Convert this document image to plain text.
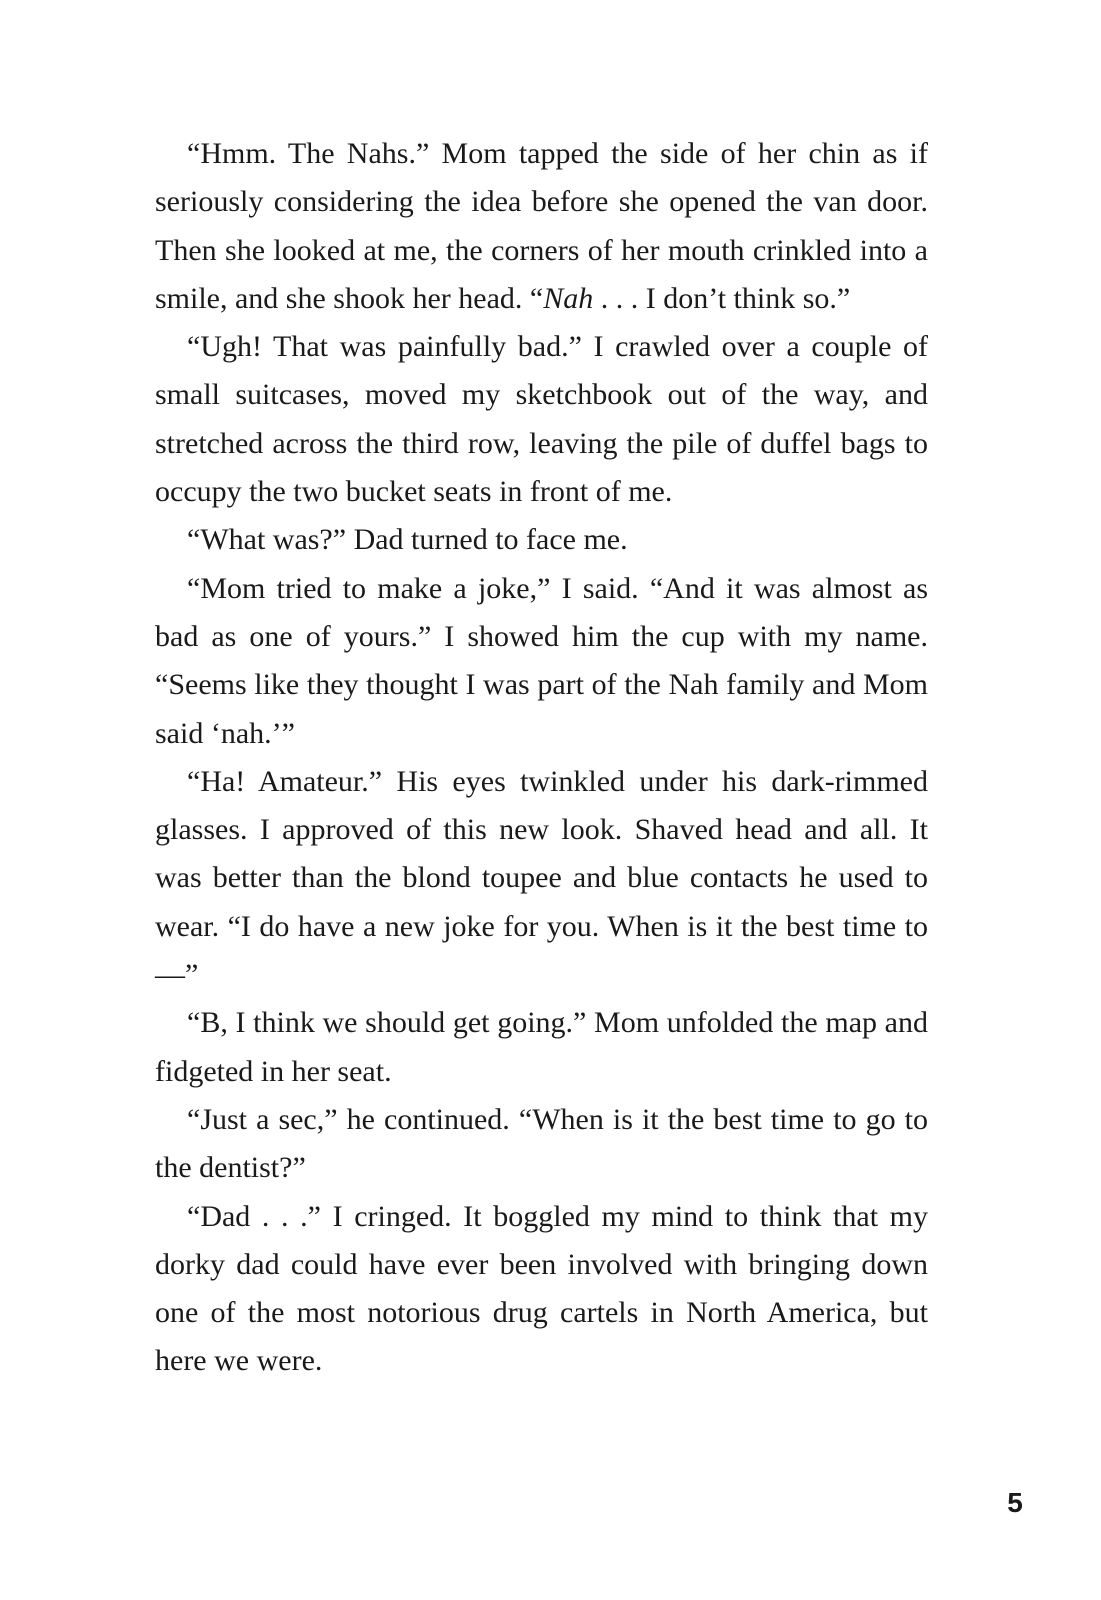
“Hmm. The Nahs.” Mom tapped the side of her chin as if seriously considering the idea before she opened the van door. Then she looked at me, the corners of her mouth crinkled into a smile, and she shook her head. “Nah . . . I don’t think so.”

“Ugh! That was painfully bad.” I crawled over a couple of small suitcases, moved my sketchbook out of the way, and stretched across the third row, leaving the pile of duffel bags to occupy the two bucket seats in front of me.

“What was?” Dad turned to face me.

“Mom tried to make a joke,” I said. “And it was almost as bad as one of yours.” I showed him the cup with my name. “Seems like they thought I was part of the Nah family and Mom said ‘nah.’”

“Ha! Amateur.” His eyes twinkled under his dark-rimmed glasses. I approved of this new look. Shaved head and all. It was better than the blond toupee and blue contacts he used to wear. “I do have a new joke for you. When is it the best time to—”

“B, I think we should get going.” Mom unfolded the map and fidgeted in her seat.

“Just a sec,” he continued. “When is it the best time to go to the dentist?”

“Dad . . .” I cringed. It boggled my mind to think that my dorky dad could have ever been involved with bringing down one of the most notorious drug cartels in North America, but here we were.

5
